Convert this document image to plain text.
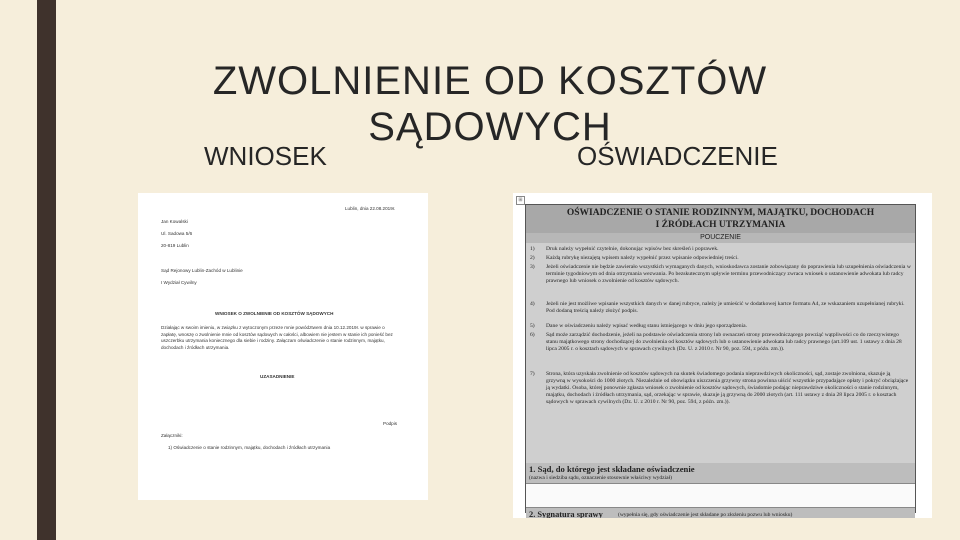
ZWOLNIENIE OD KOSZTÓW SĄDOWYCH
WNIOSEK	OŚWIADCZENIE
Lublin, dnia 22.08.2019r.
Jan Kowalski
Ul. Sadowa 5/6
20-819 Lublin
Sąd Rejonowy Lublin-Zachód w Lublinie
I Wydział Cywilny
WNIOSEK O ZWOLNIENIE OD KOSZTÓW SĄDOWYCH
Działając w swoim imieniu, w związku z wytoczonym przeze mnie powództwem dnia 10.12.2019r. w sprawie o zapłatę, wnoszę o zwolnienie mnie od kosztów sądowych w całości, albowiem nie jestem w stanie ich ponieść bez uszczerbku utrzymania koniecznego dla siebie i rodziny. Załączam oświadczenie o stanie rodzinnym, majątku, dochodach i źródłach utrzymania.
UZASADNIENIE
Podpis
Załączniki:
1) Oświadczenie o stanie rodzinnym, majątku, dochodach i źródłach utrzymania
⊞
OŚWIADCZENIE O STANIE RODZINNYM, MAJĄTKU, DOCHODACH
I ŹRÓDŁACH UTRZYMANIA
POUCZENIE
1)	Druk należy wypełnić czytelnie, dokonując wpisów bez skreśleń i poprawek.
2)	Każdą rubrykę niezajętą wpisem należy wypełnić przez wpisanie odpowiedniej treści.
3)	Jeżeli oświadczenie nie będzie zawierało wszystkich wymaganych danych, wnioskodawca zostanie zobowiązany do poprawienia lub uzupełnienia oświadczenia w terminie tygodniowym od dnia otrzymania wezwania. Po bezskutecznym upływie terminu przewodniczący zwraca wniosek o ustanowienie adwokata lub radcy prawnego lub wniosek o zwolnienie od kosztów sądowych.
4)	Jeżeli nie jest możliwe wpisanie wszystkich danych w danej rubryce, należy je umieścić w dodatkowej kartce formatu A4, ze wskazaniem uzupełnianej rubryki. Pod dodaną treścią należy złożyć podpis.
5)	Dane w oświadczeniu należy wpisać według stanu istniejącego w dniu jego sporządzenia.
6)	Sąd może zarządzić dochodzenie, jeżeli na podstawie oświadczenia strony lub ownaczeń strony przewodniczącego powziąć wątpliwości co do rzeczywistego stanu majątkowego strony dochodzącej do zwolnienia od kosztów sądowych lub o ustanowienie adwokata lub radcy prawnego (art.109 ust. 1 ustawy z dnia 28 lipca 2005 r. o kosztach sądowych w sprawach cywilnych (Dz. U. z 2010 r. Nr 90, poz. 594, z późn. zm.)).
7)	Strona, która uzyskała zwolnienie od kosztów sądowych na skutek świadomego podania nieprawdziwych okoliczności, sąd, zostaje zwolniona, skazuje ją grzywną w wysokości do 1000 złotych. Niezależnie od obowiązku uiszczenia grzywny strona powinna uiścić wszystkie przypadające opłaty i pokryć obciążające ją wydatki. Osoba, której ponownie zgłasza wniosek o zwolnienie od kosztów sądowych, świadomie podając nieprawdziwe okoliczności o stanie rodzinnym, majątku, dochodach i źródłach utrzymania, sąd, orzekając w sprawie, skazuje ją grzywną do 2000 złotych (art. 111 ustawy z dnia 28 lipca 2005 r. o kosztach sądowych w sprawach cywilnych (Dz. U. z 2010 r. Nr 90, poz. 594, z późn. zm.)).
1. Sąd, do którego jest składane oświadczenie
(nazwa i siedziba sądu, oznaczenie stosownie właściwy wydział)
2. Sygnatura sprawy	(wypełnia się, gdy oświadczenie jest składane po złożeniu pozwu lub wniosku)
